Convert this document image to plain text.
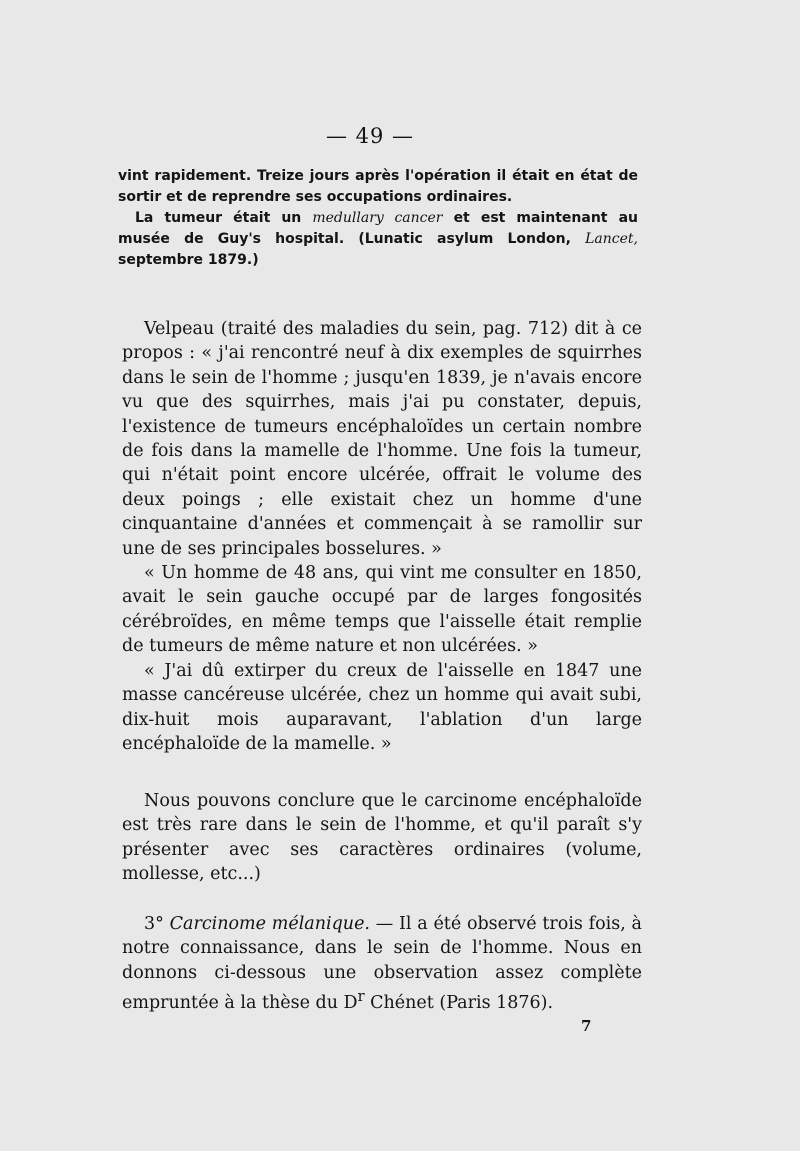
— 49 —

vint rapidement. Treize jours après l'opération il était en état de sortir et de reprendre ses occupations ordinaires.

La tumeur était un medullary cancer et est maintenant au musée de Guy's hospital. (Lunatic asylum London, Lancet, septembre 1879.)

Velpeau (traité des maladies du sein, pag. 712) dit à ce propos : « j'ai rencontré neuf à dix exemples de squirrhes dans le sein de l'homme ; jusqu'en 1839, je n'avais encore vu que des squirrhes, mais j'ai pu constater, depuis, l'existence de tumeurs encéphaloïdes un certain nombre de fois dans la mamelle de l'homme. Une fois la tumeur, qui n'était point encore ulcérée, offrait le volume des deux poings ; elle existait chez un homme d'une cinquantaine d'années et commençait à se ramollir sur une de ses principales bosselures. »

« Un homme de 48 ans, qui vint me consulter en 1850, avait le sein gauche occupé par de larges fongosités cérébroïdes, en même temps que l'aisselle était remplie de tumeurs de même nature et non ulcérées. »

« J'ai dû extirper du creux de l'aisselle en 1847 une masse cancéreuse ulcérée, chez un homme qui avait subi, dix-huit mois auparavant, l'ablation d'un large encéphaloïde de la mamelle. »

Nous pouvons conclure que le carcinome encéphaloïde est très rare dans le sein de l'homme, et qu'il paraît s'y présenter avec ses caractères ordinaires (volume, mollesse, etc...)

3° Carcinome mélanique. — Il a été observé trois fois, à notre connaissance, dans le sein de l'homme. Nous en donnons ci-dessous une observation assez complète empruntée à la thèse du $D^r$ Chénet (Paris 1876).

7
